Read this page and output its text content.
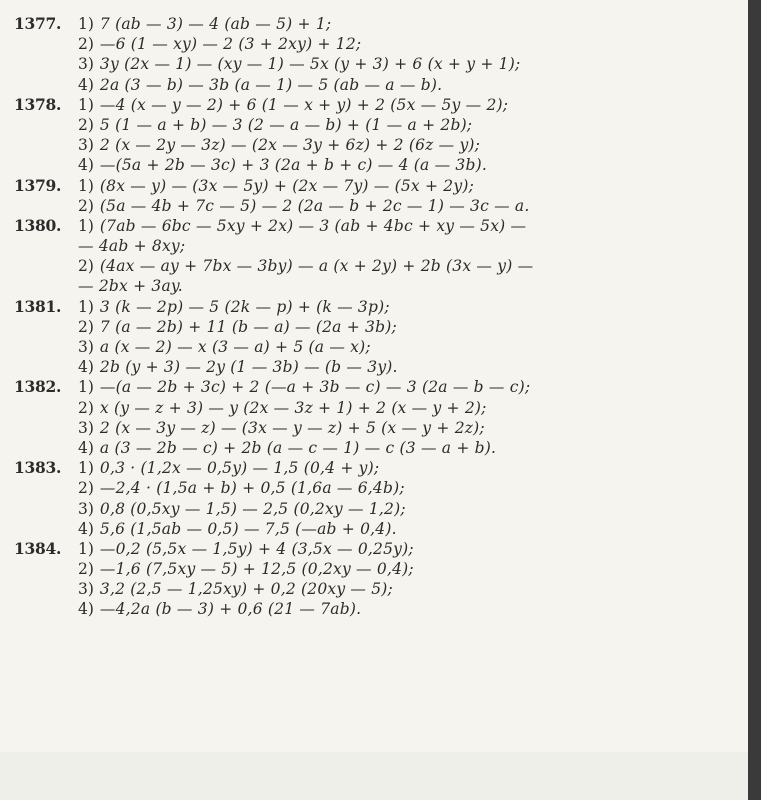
1377. 1) 7 (ab — 3) — 4 (ab — 5) + 1;
2) —6 (1 — xy) — 2 (3 + 2xy) + 12;
3) 3y (2x — 1) — (xy — 1) — 5x (y + 3) + 6 (x + y + 1);
4) 2a (3 — b) — 3b (a — 1) — 5 (ab — a — b).
1378. 1) —4 (x — y — 2) + 6 (1 — x + y) + 2 (5x — 5y — 2);
2) 5 (1 — a + b) — 3 (2 — a — b) + (1 — a + 2b);
3) 2 (x — 2y — 3z) — (2x — 3y + 6z) + 2 (6z — y);
4) —(5a + 2b — 3c) + 3 (2a + b + c) — 4 (a — 3b).
1379. 1) (8x — y) — (3x — 5y) + (2x — 7y) — (5x + 2y);
2) (5a — 4b + 7c — 5) — 2 (2a — b + 2c — 1) — 3c — a.
1380. 1) (7ab — 6bc — 5xy + 2x) — 3 (ab + 4bc + xy — 5x) —
— 4ab + 8xy;
2) (4ax — ay + 7bx — 3by) — a (x + 2y) + 2b (3x — y) —
— 2bx + 3ay.
1381. 1) 3 (k — 2p) — 5 (2k — p) + (k — 3p);
2) 7 (a — 2b) + 11 (b — a) — (2a + 3b);
3) a (x — 2) — x (3 — a) + 5 (a — x);
4) 2b (y + 3) — 2y (1 — 3b) — (b — 3y).
1382. 1) —(a — 2b + 3c) + 2 (—a + 3b — c) — 3 (2a — b — c);
2) x (y — z + 3) — y (2x — 3z + 1) + 2 (x — y + 2);
3) 2 (x — 3y — z) — (3x — y — z) + 5 (x — y + 2z);
4) a (3 — 2b — c) + 2b (a — c — 1) — c (3 — a + b).
1383. 1) 0,3 · (1,2x — 0,5y) — 1,5 (0,4 + y);
2) —2,4 · (1,5a + b) + 0,5 (1,6a — 6,4b);
3) 0,8 (0,5xy — 1,5) — 2,5 (0,2xy — 1,2);
4) 5,6 (1,5ab — 0,5) — 7,5 (—ab + 0,4).
1384. 1) —0,2 (5,5x — 1,5y) + 4 (3,5x — 0,25y);
2) —1,6 (7,5xy — 5) + 12,5 (0,2xy — 0,4);
3) 3,2 (2,5 — 1,25xy) + 0,2 (20xy — 5);
4) —4,2a (b — 3) + 0,6 (21 — 7ab).
